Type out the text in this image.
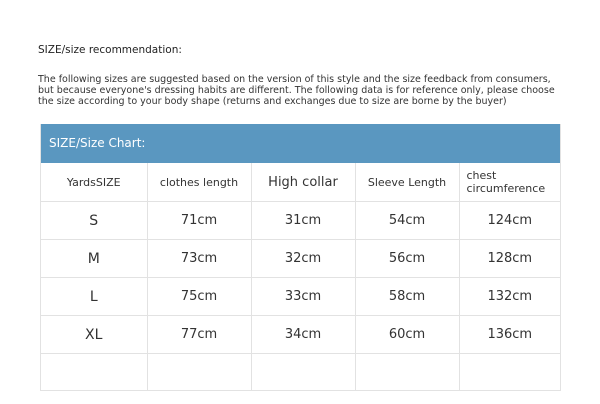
SIZE/size recommendation:
The following sizes are suggested based on the version of this style and the size feedback from consumers,
but because everyone's dressing habits are different. The following data is for reference only, please choose
the size according to your body shape (returns and exchanges due to size are borne by the buyer)
SIZE/Size Chart:
YardsSIZE	clothes length	High collar	Sleeve Length	chest
circumference

S	71cm	31cm	54cm	124cm
M	73cm	32cm	56cm	128cm
L	75cm	33cm	58cm	132cm
XL	77cm	34cm	60cm	136cm
